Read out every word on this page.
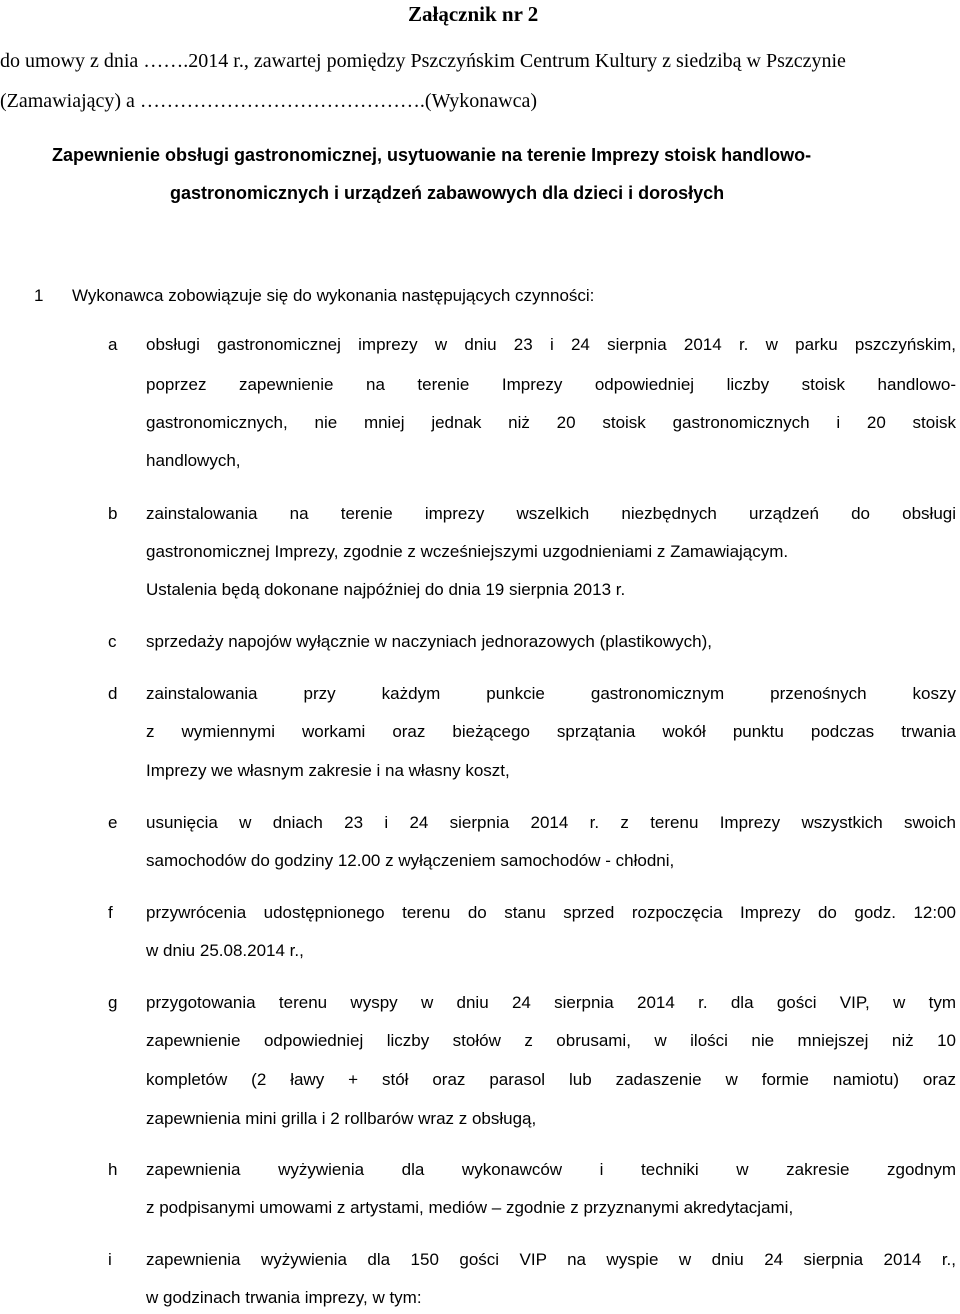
Załącznik nr 2
do umowy z dnia …….2014 r., zawartej pomiędzy Pszczyńskim Centrum Kultury z siedzibą w Pszczynie
(Zamawiający) a …………………………………….(Wykonawca)
Zapewnienie obsługi gastronomicznej, usytuowanie na terenie Imprezy stoisk handlowo-
gastronomicznych i urządzeń zabawowych dla dzieci i dorosłych
1 Wykonawca zobowiązuje się do wykonania następujących czynności:
a obsługi gastronomicznej imprezy w dniu 23 i 24 sierpnia 2014 r. w parku pszczyńskim,
poprzez zapewnienie na terenie Imprezy odpowiedniej liczby stoisk handlowo-
gastronomicznych, nie mniej jednak niż 20 stoisk gastronomicznych i 20 stoisk
handlowych,
b zainstalowania na terenie imprezy wszelkich niezbędnych urządzeń do obsługi
gastronomicznej Imprezy, zgodnie z wcześniejszymi uzgodnieniami z Zamawiającym.
Ustalenia będą dokonane najpóźniej do dnia 19 sierpnia 2013 r.
c sprzedaży napojów wyłącznie w naczyniach jednorazowych (plastikowych),
d zainstalowania przy każdym punkcie gastronomicznym przenośnych koszy
z wymiennymi workami oraz bieżącego sprzątania wokół punktu podczas trwania
Imprezy we własnym zakresie i na własny koszt,
e usunięcia w dniach 23 i 24 sierpnia 2014 r. z terenu Imprezy wszystkich swoich
samochodów do godziny 12.00 z wyłączeniem samochodów - chłodni,
f przywrócenia udostępnionego terenu do stanu sprzed rozpoczęcia Imprezy do godz. 12:00
w dniu 25.08.2014 r.,
g przygotowania terenu wyspy w dniu 24 sierpnia 2014 r. dla gości VIP, w tym
zapewnienie odpowiedniej liczby stołów z obrusami, w ilości nie mniejszej niż 10
kompletów (2 ławy + stół oraz parasol lub zadaszenie w formie namiotu) oraz
zapewnienia mini grilla i 2 rollbarów wraz z obsługą,
h zapewnienia wyżywienia dla wykonawców i techniki w zakresie zgodnym
z podpisanymi umowami z artystami, mediów – zgodnie z przyznanymi akredytacjami,
i zapewnienia wyżywienia dla 150 gości VIP na wyspie w dniu 24 sierpnia 2014 r.,
w godzinach trwania imprezy, w tym:
